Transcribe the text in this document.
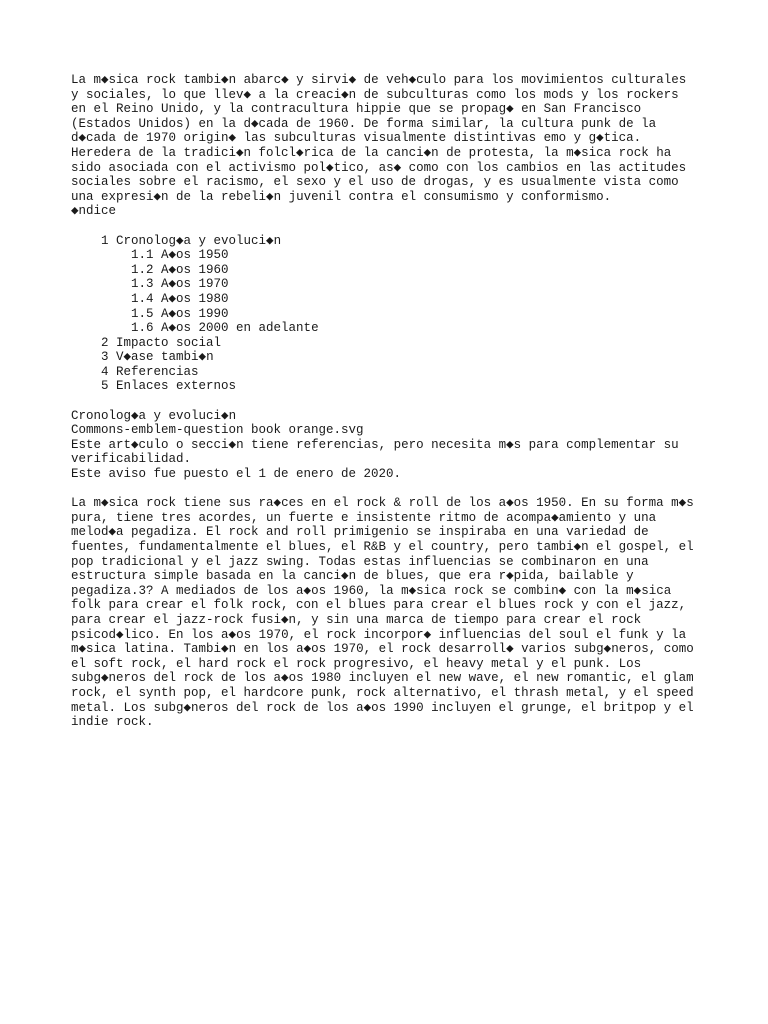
La m◆sica rock tambi◆n abarc◆ y sirvi◆ de veh◆culo para los movimientos culturales
y sociales, lo que llev◆ a la creaci◆n de subculturas como los mods y los rockers
en el Reino Unido, y la contracultura hippie que se propag◆ en San Francisco
(Estados Unidos) en la d◆cada de 1960. De forma similar, la cultura punk de la
d◆cada de 1970 origin◆ las subculturas visualmente distintivas emo y g◆tica.
Heredera de la tradici◆n folcl◆rica de la canci◆n de protesta, la m◆sica rock ha
sido asociada con el activismo pol◆tico, as◆ como con los cambios en las actitudes
sociales sobre el racismo, el sexo y el uso de drogas, y es usualmente vista como
una expresi◆n de la rebeli◆n juvenil contra el consumismo y conformismo.
◆ndice
1 Cronolog◆a y evoluci◆n
1.1 A◆os 1950
1.2 A◆os 1960
1.3 A◆os 1970
1.4 A◆os 1980
1.5 A◆os 1990
1.6 A◆os 2000 en adelante
2 Impacto social
3 V◆ase tambi◆n
4 Referencias
5 Enlaces externos
Cronolog◆a y evoluci◆n
Commons-emblem-question book orange.svg
Este art◆culo o secci◆n tiene referencias, pero necesita m◆s para complementar su
verificabilidad.
Este aviso fue puesto el 1 de enero de 2020.
La m◆sica rock tiene sus ra◆ces en el rock & roll de los a◆os 1950. En su forma m◆s
pura, tiene tres acordes, un fuerte e insistente ritmo de acompa◆amiento y una
melod◆a pegadiza. El rock and roll primigenio se inspiraba en una variedad de
fuentes, fundamentalmente el blues, el R&B y el country, pero tambi◆n el gospel, el
pop tradicional y el jazz swing. Todas estas influencias se combinaron en una
estructura simple basada en la canci◆n de blues, que era r◆pida, bailable y
pegadiza.3? A mediados de los a◆os 1960, la m◆sica rock se combin◆ con la m◆sica
folk para crear el folk rock, con el blues para crear el blues rock y con el jazz,
para crear el jazz-rock fusi◆n, y sin una marca de tiempo para crear el rock
psicod◆lico. En los a◆os 1970, el rock incorpor◆ influencias del soul el funk y la
m◆sica latina. Tambi◆n en los a◆os 1970, el rock desarroll◆ varios subg◆neros, como
el soft rock, el hard rock el rock progresivo, el heavy metal y el punk. Los
subg◆neros del rock de los a◆os 1980 incluyen el new wave, el new romantic, el glam
rock, el synth pop, el hardcore punk, rock alternativo, el thrash metal, y el speed
metal. Los subg◆neros del rock de los a◆os 1990 incluyen el grunge, el britpop y el
indie rock.
